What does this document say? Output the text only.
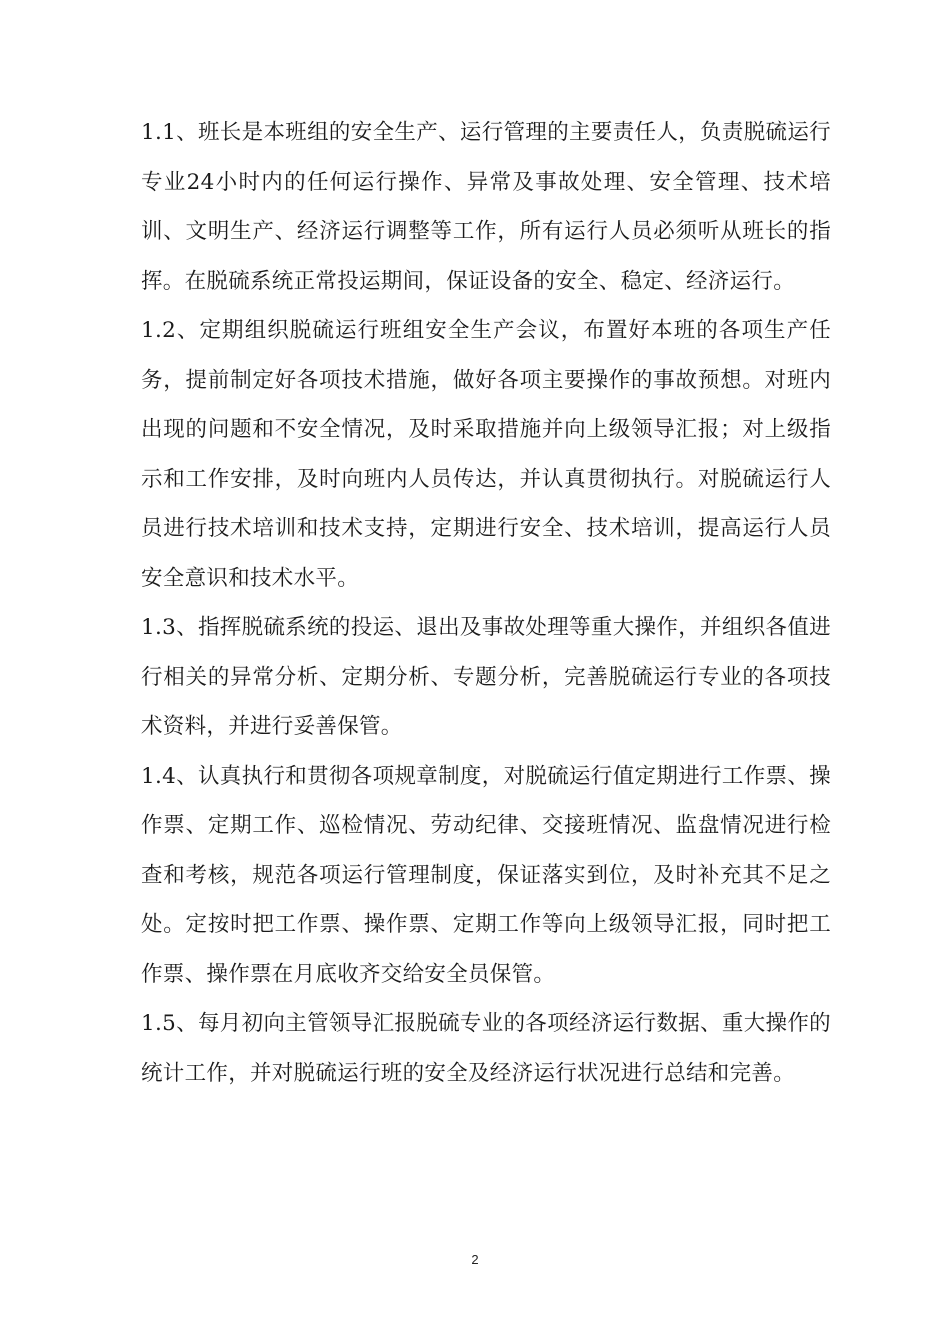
1.1、班长是本班组的安全生产、运行管理的主要责任人，负责脱硫运行专业24小时内的任何运行操作、异常及事故处理、安全管理、技术培训、文明生产、经济运行调整等工作，所有运行人员必须听从班长的指挥。在脱硫系统正常投运期间，保证设备的安全、稳定、经济运行。

1.2、定期组织脱硫运行班组安全生产会议，布置好本班的各项生产任务，提前制定好各项技术措施，做好各项主要操作的事故预想。对班内出现的问题和不安全情况，及时采取措施并向上级领导汇报；对上级指示和工作安排，及时向班内人员传达，并认真贯彻执行。对脱硫运行人员进行技术培训和技术支持，定期进行安全、技术培训，提高运行人员安全意识和技术水平。

1.3、指挥脱硫系统的投运、退出及事故处理等重大操作，并组织各值进行相关的异常分析、定期分析、专题分析，完善脱硫运行专业的各项技术资料，并进行妥善保管。

1.4、认真执行和贯彻各项规章制度，对脱硫运行值定期进行工作票、操作票、定期工作、巡检情况、劳动纪律、交接班情况、监盘情况进行检查和考核，规范各项运行管理制度，保证落实到位，及时补充其不足之处。定按时把工作票、操作票、定期工作等向上级领导汇报，同时把工作票、操作票在月底收齐交给安全员保管。

1.5、每月初向主管领导汇报脱硫专业的各项经济运行数据、重大操作的统计工作，并对脱硫运行班的安全及经济运行状况进行总结和完善。

2
